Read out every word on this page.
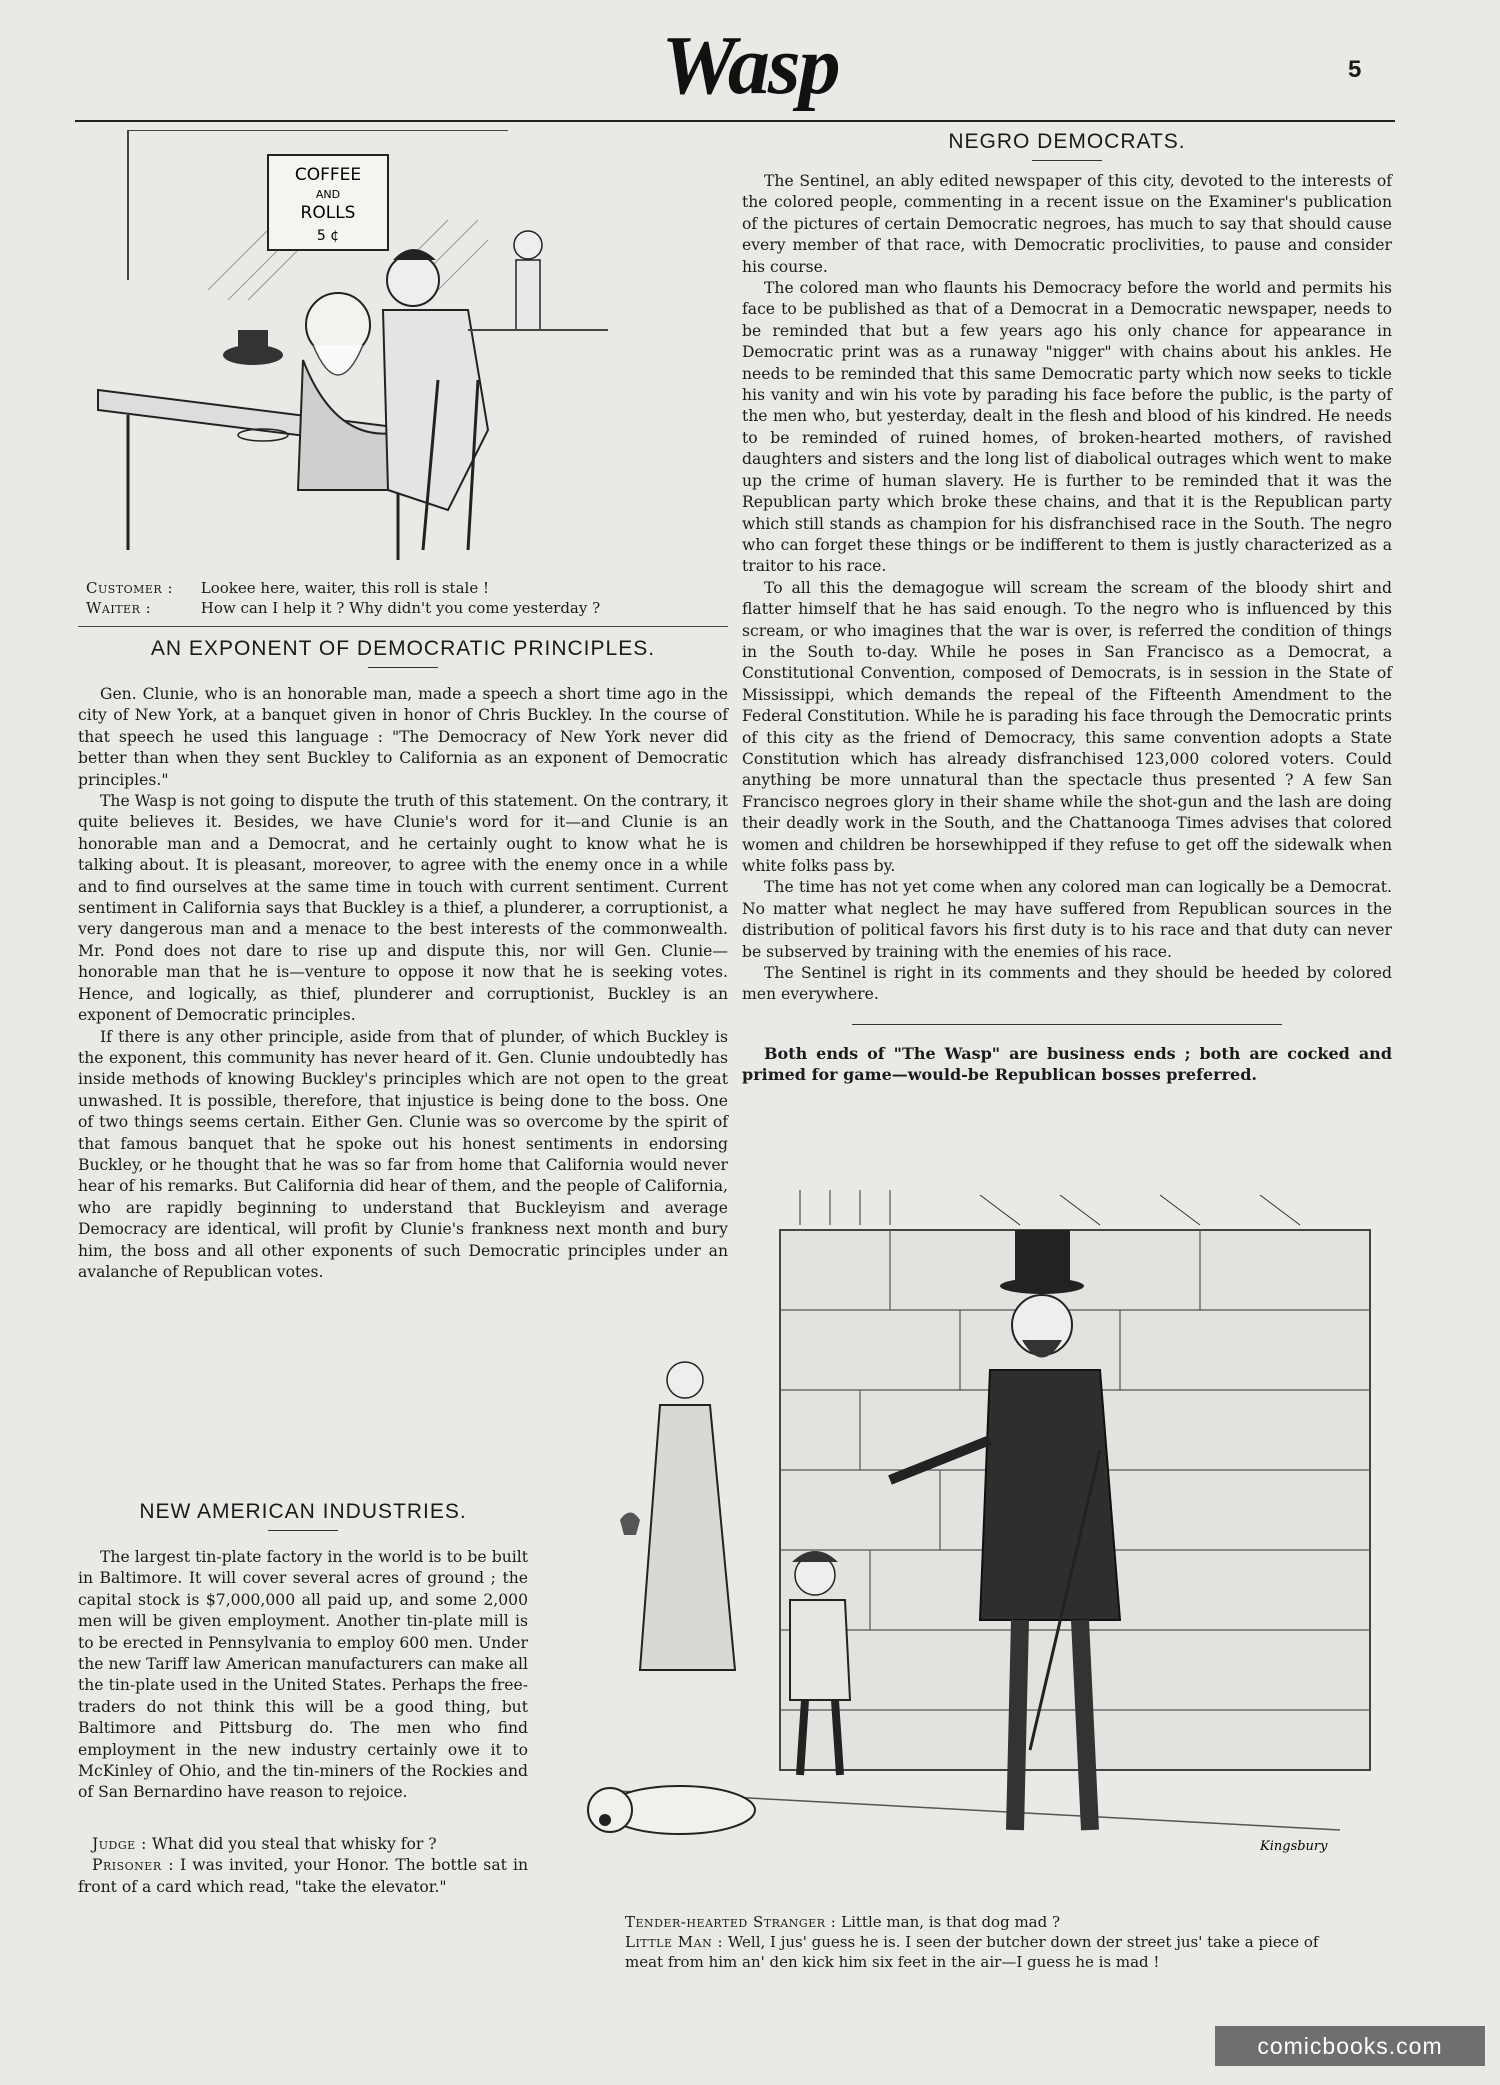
Wasp	5
COFFEE
AND
ROLLS
5 ¢
Customer : Lookee here, waiter, this roll is stale !
Waiter :	How can I help it ? Why didn't you come yesterday ?
AN EXPONENT OF DEMOCRATIC PRINCIPLES.

Gen. Clunie, who is an honorable man, made a speech a short time ago in the city of New York, at a banquet given in honor of Chris Buckley. In the course of that speech he used this language : "The Democracy of New York never did better than when they sent Buckley to California as an exponent of Democratic principles."

The Wasp is not going to dispute the truth of this statement. On the contrary, it quite believes it. Besides, we have Clunie's word for it—and Clunie is an honorable man and a Democrat, and he certainly ought to know what he is talking about. It is pleasant, moreover, to agree with the enemy once in a while and to find ourselves at the same time in touch with current sentiment. Current sentiment in California says that Buckley is a thief, a plunderer, a corruptionist, a very dangerous man and a menace to the best interests of the commonwealth. Mr. Pond does not dare to rise up and dispute this, nor will Gen. Clunie—honorable man that he is—venture to oppose it now that he is seeking votes. Hence, and logically, as thief, plunderer and corruptionist, Buckley is an exponent of Democratic principles.

If there is any other principle, aside from that of plunder, of which Buckley is the exponent, this community has never heard of it. Gen. Clunie undoubtedly has inside methods of knowing Buckley's principles which are not open to the great unwashed. It is possible, therefore, that injustice is being done to the boss. One of two things seems certain. Either Gen. Clunie was so overcome by the spirit of that famous banquet that he spoke out his honest sentiments in endorsing Buckley, or he thought that he was so far from home that California would never hear of his remarks. But California did hear of them, and the people of California, who are rapidly beginning to understand that Buckleyism and average Democracy are identical, will profit by Clunie's frankness next month and bury him, the boss and all other exponents of such Democratic principles under an avalanche of Republican votes.

NEW AMERICAN INDUSTRIES.

The largest tin-plate factory in the world is to be built in Baltimore. It will cover several acres of ground ; the capital stock is $7,000,000 all paid up, and some 2,000 men will be given employment. Another tin-plate mill is to be erected in Pennsylvania to employ 600 men. Under the new Tariff law American manufacturers can make all the tin-plate used in the United States. Perhaps the free-traders do not think this will be a good thing, but Baltimore and Pittsburg do. The men who find employment in the new industry certainly owe it to McKinley of Ohio, and the tin-miners of the Rockies and of San Bernardino have reason to rejoice.

Judge : What did you steal that whisky for ?

Prisoner : I was invited, your Honor. The bottle sat in front of a card which read, "take the elevator."

NEGRO DEMOCRATS.

The Sentinel, an ably edited newspaper of this city, devoted to the interests of the colored people, commenting in a recent issue on the Examiner's publication of the pictures of certain Democratic negroes, has much to say that should cause every member of that race, with Democratic proclivities, to pause and consider his course.

The colored man who flaunts his Democracy before the world and permits his face to be published as that of a Democrat in a Democratic newspaper, needs to be reminded that but a few years ago his only chance for appearance in Democratic print was as a runaway "nigger" with chains about his ankles. He needs to be reminded that this same Democratic party which now seeks to tickle his vanity and win his vote by parading his face before the public, is the party of the men who, but yesterday, dealt in the flesh and blood of his kindred. He needs to be reminded of ruined homes, of broken-hearted mothers, of ravished daughters and sisters and the long list of diabolical outrages which went to make up the crime of human slavery. He is further to be reminded that it was the Republican party which broke these chains, and that it is the Republican party which still stands as champion for his disfranchised race in the South. The negro who can forget these things or be indifferent to them is justly characterized as a traitor to his race.

To all this the demagogue will scream the scream of the bloody shirt and flatter himself that he has said enough. To the negro who is influenced by this scream, or who imagines that the war is over, is referred the condition of things in the South to-day. While he poses in San Francisco as a Democrat, a Constitutional Convention, composed of Democrats, is in session in the State of Mississippi, which demands the repeal of the Fifteenth Amendment to the Federal Constitution. While he is parading his face through the Democratic prints of this city as the friend of Democracy, this same convention adopts a State Constitution which has already disfranchised 123,000 colored voters. Could anything be more unnatural than the spectacle thus presented ? A few San Francisco negroes glory in their shame while the shot-gun and the lash are doing their deadly work in the South, and the Chattanooga Times advises that colored women and children be horsewhipped if they refuse to get off the sidewalk when white folks pass by.

The time has not yet come when any colored man can logically be a Democrat. No matter what neglect he may have suffered from Republican sources in the distribution of political favors his first duty is to his race and that duty can never be subserved by training with the enemies of his race.

The Sentinel is right in its comments and they should be heeded by colored men everywhere.

Both ends of "The Wasp" are business ends ; both are cocked and primed for game—would-be Republican bosses preferred.

Kingsbury
Tender-hearted Stranger : Little man, is that dog mad ?
Little Man : Well, I jus' guess he is. I seen der butcher down der street jus' take a piece of meat from him an' den kick him six feet in the air—I guess he is mad !
comicbooks.com
